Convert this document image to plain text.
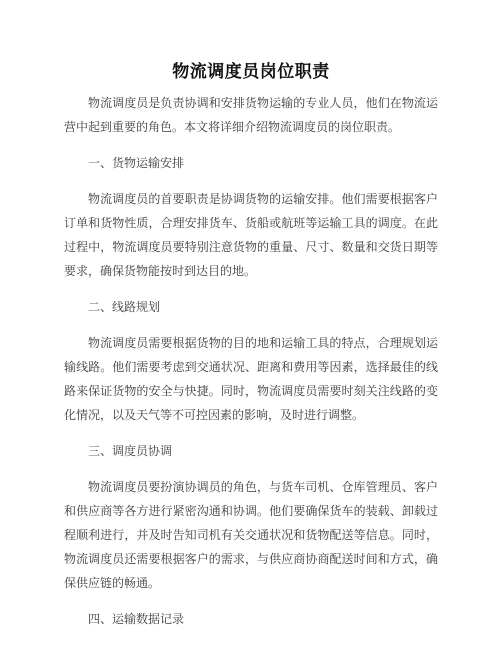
物流调度员岗位职责

物流调度员是负责协调和安排货物运输的专业人员，他们在物流运营中起到重要的角色。本文将详细介绍物流调度员的岗位职责。

一、货物运输安排

物流调度员的首要职责是协调货物的运输安排。他们需要根据客户订单和货物性质，合理安排货车、货船或航班等运输工具的调度。在此过程中，物流调度员要特别注意货物的重量、尺寸、数量和交货日期等要求，确保货物能按时到达目的地。

二、线路规划

物流调度员需要根据货物的目的地和运输工具的特点，合理规划运输线路。他们需要考虑到交通状况、距离和费用等因素，选择最佳的线路来保证货物的安全与快捷。同时，物流调度员需要时刻关注线路的变化情况，以及天气等不可控因素的影响，及时进行调整。

三、调度员协调

物流调度员要扮演协调员的角色，与货车司机、仓库管理员、客户和供应商等各方进行紧密沟通和协调。他们要确保货车的装载、卸载过程顺利进行，并及时告知司机有关交通状况和货物配送等信息。同时，物流调度员还需要根据客户的需求，与供应商协商配送时间和方式，确保供应链的畅通。

四、运输数据记录
